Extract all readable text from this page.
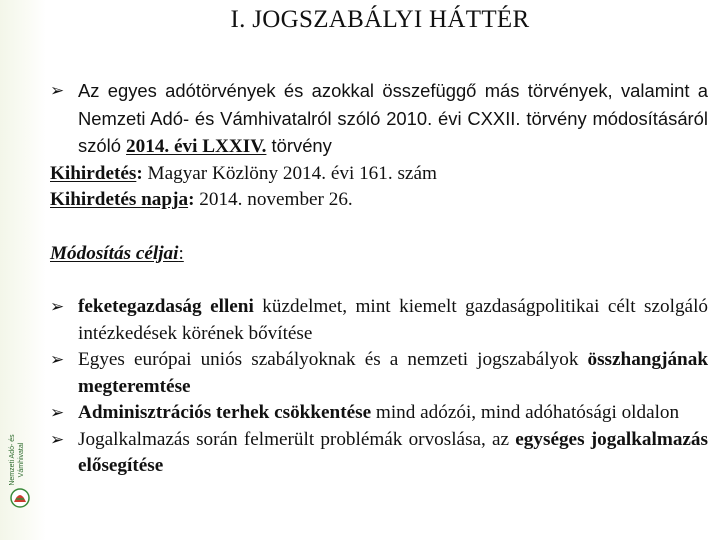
Nemzeti Adó- és Vámhivatal
I. JOGSZABÁLYI HÁTTÉR
➢ Az egyes adótörvények és azokkal összefüggő más törvények, valamint a Nemzeti Adó- és Vámhivatalról szóló 2010. évi CXXII. törvény módosításáról szóló 2014. évi LXXIV. törvény

Kihirdetés: Magyar Közlöny 2014. évi 161. szám

Kihirdetés napja: 2014. november 26.

Módosítás céljai:

➢ feketegazdaság elleni küzdelmet, mint kiemelt gazdaságpolitikai célt szolgáló intézkedések körének bővítése
➢ Egyes európai uniós szabályoknak és a nemzeti jogszabályok összhangjának megteremtése
➢ Adminisztrációs terhek csökkentése mind adózói, mind adóhatósági oldalon
➢ Jogalkalmazás során felmerült problémák orvoslása, az egységes jogalkalmazás elősegítése
